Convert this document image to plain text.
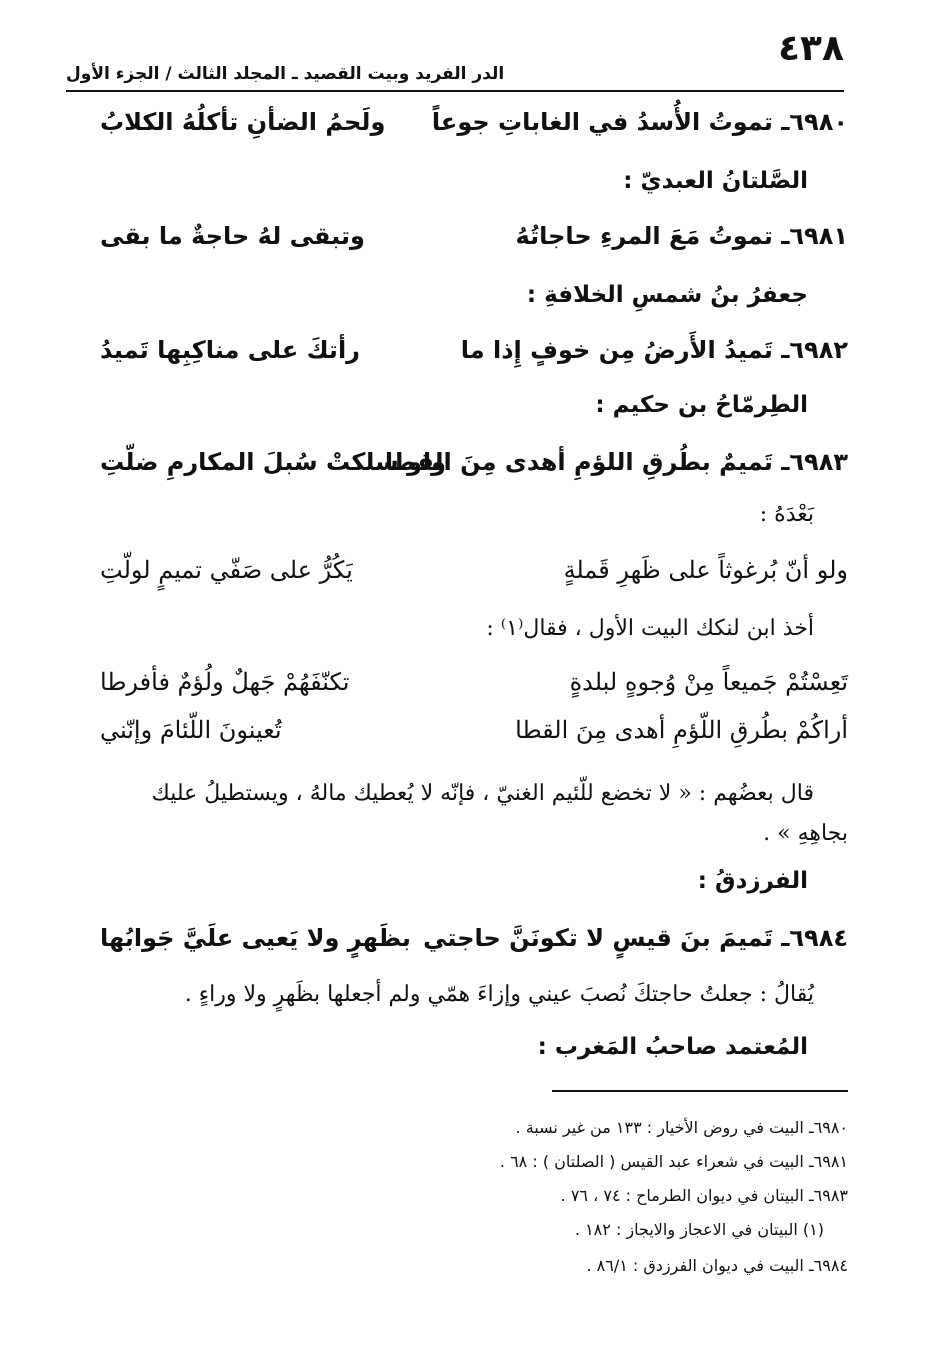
٤٣٨
الدر الفريد وبيت القصيد ـ المجلد الثالث / الجزء الأول
٦٩٨٠ـ تموتُ الأُسدُ في الغاباتِ جوعاً
ولَحمُ الضأنِ تأكلُهُ الكلابُ
الصَّلتانُ العبديّ :
٦٩٨١ـ تموتُ مَعَ المرءِ حاجاتُهُ
وتبقى لهُ حاجةٌ ما بقى
جعفرُ بنُ شمسِ الخلافةِ :
٦٩٨٢ـ تَميدُ الأَرضُ مِن خوفٍ إِذا ما
رأتكَ على مناكِبِها تَميدُ
الطِرمّاحُ بن حكيم :
٦٩٨٣ـ تَميمٌ بطُرقِ اللؤمِ أهدى مِنَ القطا
ولو سلكتْ سُبلَ المكارمِ ضلّتِ
بَعْدَهُ :
ولو أنّ بُرغوثاً على ظَهرِ قَملةٍ
يَكُرُّ على صَفّي تميمٍ لولّتِ
أخذ ابن لنكك البيت الأول ، فقال⁽١⁾ :
تَعِسْتُمْ جَميعاً مِنْ وُجوهٍ لبلدةٍ
تكنّفَهُمْ جَهلٌ ولُؤمٌ فأفرطا
أراكُمْ بطُرقِ اللّؤمِ أهدى مِنَ القطا
تُعينونَ اللّئامَ وإنّني
قال بعضُهم : « لا تخضع للّئيم الغنيّ ، فإنّه لا يُعطيك مالهُ ، ويستطيلُ عليك
بجاهِهِ » .
الفرزدقُ :
٦٩٨٤ـ تَميمَ بنَ قيسٍ لا تكونَنَّ حاجتي
بظَهرٍ ولا يَعيى علَيَّ جَوابُها
يُقالُ : جعلتُ حاجتكَ نُصبَ عيني وإزاءَ همّي ولم أجعلها بظَهرٍ ولا وراءٍ .
المُعتمد صاحبُ المَغرب :
٦٩٨٠ـ البيت في روض الأخيار : ١٣٣ من غير نسبة .
٦٩٨١ـ البيت في شعراء عبد القيس ( الصلتان ) : ٦٨ .
٦٩٨٣ـ البيتان في ديوان الطرماح : ٧٤ ، ٧٦ .
(١) البيتان في الاعجاز والايجاز : ١٨٢ .
٦٩٨٤ـ البيت في ديوان الفرزدق : ٨٦/١ .
